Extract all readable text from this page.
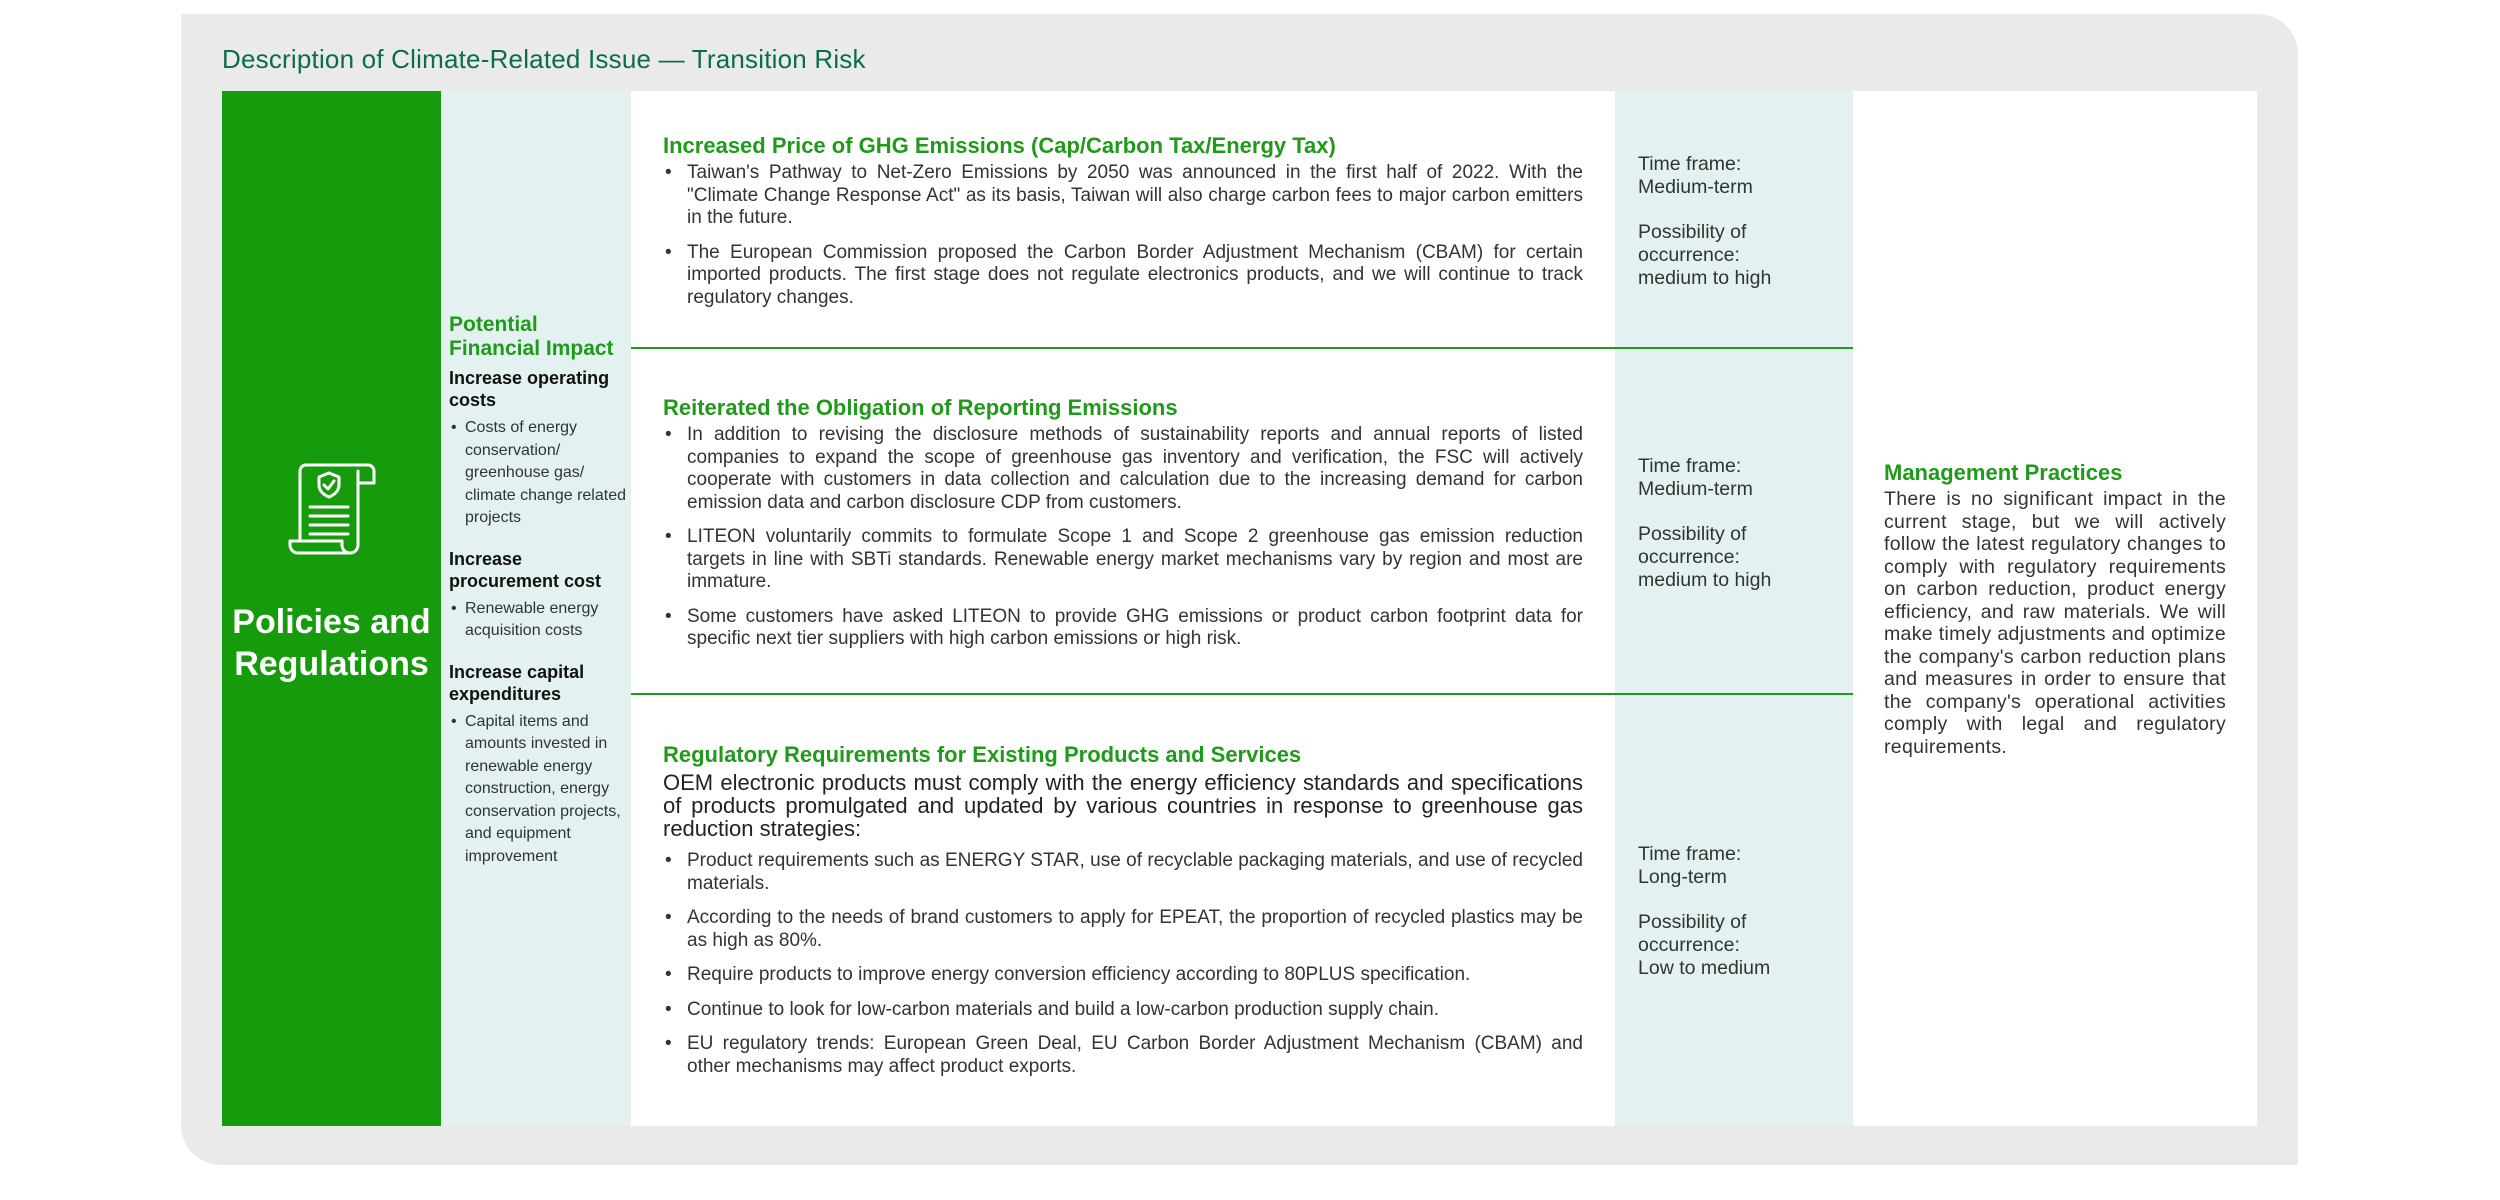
Description of Climate-Related Issue — Transition Risk
Policies and Regulations
Potential Financial Impact
Increase operating costs
• Costs of energy conservation/ greenhouse gas/ climate change related projects
Increase procurement cost
• Renewable energy acquisition costs
Increase capital expenditures
• Capital items and amounts invested in renewable energy construction, energy conservation projects, and equipment improvement
Increased Price of GHG Emissions (Cap/Carbon Tax/Energy Tax)
• Taiwan's Pathway to Net-Zero Emissions by 2050 was announced in the first half of 2022. With the "Climate Change Response Act" as its basis, Taiwan will also charge carbon fees to major carbon emitters in the future.
• The European Commission proposed the Carbon Border Adjustment Mechanism (CBAM) for certain imported products. The first stage does not regulate electronics products, and we will continue to track regulatory changes.
Time frame:
Medium-term
Possibility of occurrence:
medium to high
Reiterated the Obligation of Reporting Emissions
• In addition to revising the disclosure methods of sustainability reports and annual reports of listed companies to expand the scope of greenhouse gas inventory and verification, the FSC will actively cooperate with customers in data collection and calculation due to the increasing demand for carbon emission data and carbon disclosure CDP from customers.
• LITEON voluntarily commits to formulate Scope 1 and Scope 2 greenhouse gas emission reduction targets in line with SBTi standards. Renewable energy market mechanisms vary by region and most are immature.
• Some customers have asked LITEON to provide GHG emissions or product carbon footprint data for specific next tier suppliers with high carbon emissions or high risk.
Time frame:
Medium-term
Possibility of occurrence:
medium to high
Regulatory Requirements for Existing Products and Services
OEM electronic products must comply with the energy efficiency standards and specifications of products promulgated and updated by various countries in response to greenhouse gas reduction strategies:
• Product requirements such as ENERGY STAR, use of recyclable packaging materials, and use of recycled materials.
• According to the needs of brand customers to apply for EPEAT, the proportion of recycled plastics may be as high as 80%.
• Require products to improve energy conversion efficiency according to 80PLUS specification.
• Continue to look for low-carbon materials and build a low-carbon production supply chain.
• EU regulatory trends: European Green Deal, EU Carbon Border Adjustment Mechanism (CBAM) and other mechanisms may affect product exports.
Time frame:
Long-term
Possibility of occurrence:
Low to medium
Management Practices
There is no significant impact in the current stage, but we will actively follow the latest regulatory changes to comply with regulatory requirements on carbon reduction, product energy efficiency, and raw materials. We will make timely adjustments and optimize the company's carbon reduction plans and measures in order to ensure that the company's operational activities comply with legal and regulatory requirements.
